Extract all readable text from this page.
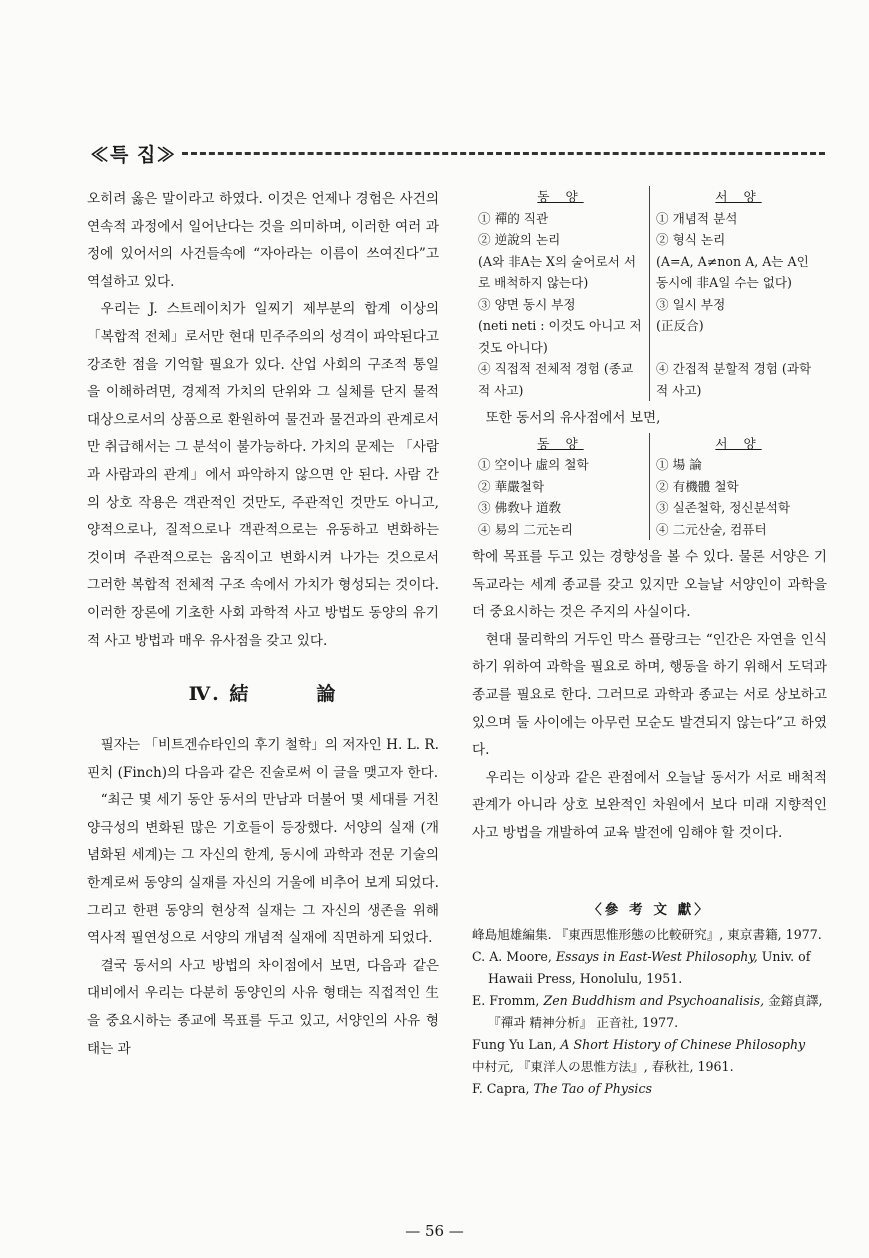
≪특 집≫

오히려 옳은 말이라고 하였다. 이것은 언제나 경험은 사건의 연속적 과정에서 일어난다는 것을 의미하며, 이러한 여러 과정에 있어서의 사건들속에 “자아라는 이름이 쓰여진다”고 역설하고 있다.

우리는 J. 스트레이치가 일찌기 제부분의 합계 이상의 「복합적 전체」로서만 현대 민주주의의 성격이 파악된다고 강조한 점을 기억할 필요가 있다. 산업 사회의 구조적 통일을 이해하려면, 경제적 가치의 단위와 그 실체를 단지 물적 대상으로서의 상품으로 환원하여 물건과 물건과의 관계로서만 취급해서는 그 분석이 불가능하다. 가치의 문제는 「사람과 사람과의 관계」에서 파악하지 않으면 안 된다. 사람 간의 상호 작용은 객관적인 것만도, 주관적인 것만도 아니고, 양적으로나, 질적으로나 객관적으로는 유동하고 변화하는 것이며 주관적으로는 움직이고 변화시켜 나가는 것으로서 그러한 복합적 전체적 구조 속에서 가치가 형성되는 것이다. 이러한 장론에 기초한 사회 과학적 사고 방법도 동양의 유기적 사고 방법과 매우 유사점을 갖고 있다.

Ⅳ. 結	論

필자는 「비트겐슈타인의 후기 철학」의 저자인 H. L. R. 핀치 (Finch)의 다음과 같은 진술로써 이 글을 맺고자 한다.

“최근 몇 세기 동안 동서의 만남과 더불어 몇 세대를 거친 양극성의 변화된 많은 기호들이 등장했다. 서양의 실재 (개념화된 세계)는 그 자신의 한계, 동시에 과학과 전문 기술의 한계로써 동양의 실재를 자신의 거울에 비추어 보게 되었다. 그리고 한편 동양의 현상적 실재는 그 자신의 생존을 위해 역사적 필연성으로 서양의 개념적 실재에 직면하게 되었다.

결국 동서의 사고 방법의 차이점에서 보면, 다음과 같은 대비에서 우리는 다분히 동양인의 사유 형태는 직접적인 生을 중요시하는 종교에 목표를 두고 있고, 서양인의 사유 형태는 과

동 양	서 양
① 禪的 직관	① 개념적 분석
② 逆說의 논리	② 형식 논리
(A와 非A는 X의 술어로서 서로 배척하지 않는다)	(A=A, A≠non A, A는 A인 동시에 非A일 수는 없다)
③ 양면 동시 부정	③ 일시 부정
(neti neti : 이것도 아니고 저것도 아니다)	(正反合)
④ 직접적 전체적 경험 (종교적 사고)	④ 간접적 분할적 경험 (과학적 사고)

또한 동서의 유사점에서 보면,

동 양	서 양
① 空이나 虛의 철학	① 場 論
② 華嚴철학	② 有機體 철학
③ 佛敎나 道敎	③ 실존철학, 정신분석학
④ 易의 二元논리	④ 二元산술, 컴퓨터

학에 목표를 두고 있는 경향성을 볼 수 있다. 물론 서양은 기독교라는 세계 종교를 갖고 있지만 오늘날 서양인이 과학을 더 중요시하는 것은 주지의 사실이다.

현대 물리학의 거두인 막스 플랑크는 “인간은 자연을 인식하기 위하여 과학을 필요로 하며, 행동을 하기 위해서 도덕과 종교를 필요로 한다. 그러므로 과학과 종교는 서로 상보하고 있으며 둘 사이에는 아무런 모순도 발견되지 않는다”고 하였다.

우리는 이상과 같은 관점에서 오늘날 동서가 서로 배척적 관계가 아니라 상호 보완적인 차원에서 보다 미래 지향적인 사고 방법을 개발하여 교육 발전에 임해야 할 것이다.

〈參 考 文 獻〉
峰島旭雄編集. 『東西思惟形態の比較研究』, 東京書籍, 1977.
C. A. Moore, Essays in East-West Philosophy, Univ. of Hawaii Press, Honolulu, 1951.
E. Fromm, Zen Buddhism and Psychoanalisis, 金鎔貞譯, 『禪과 精神分析』 正音社, 1977.
Fung Yu Lan, A Short History of Chinese Philosophy
中村元, 『東洋人の思惟方法』, 春秋社, 1961.
F. Capra, The Tao of Physics
— 56 —
